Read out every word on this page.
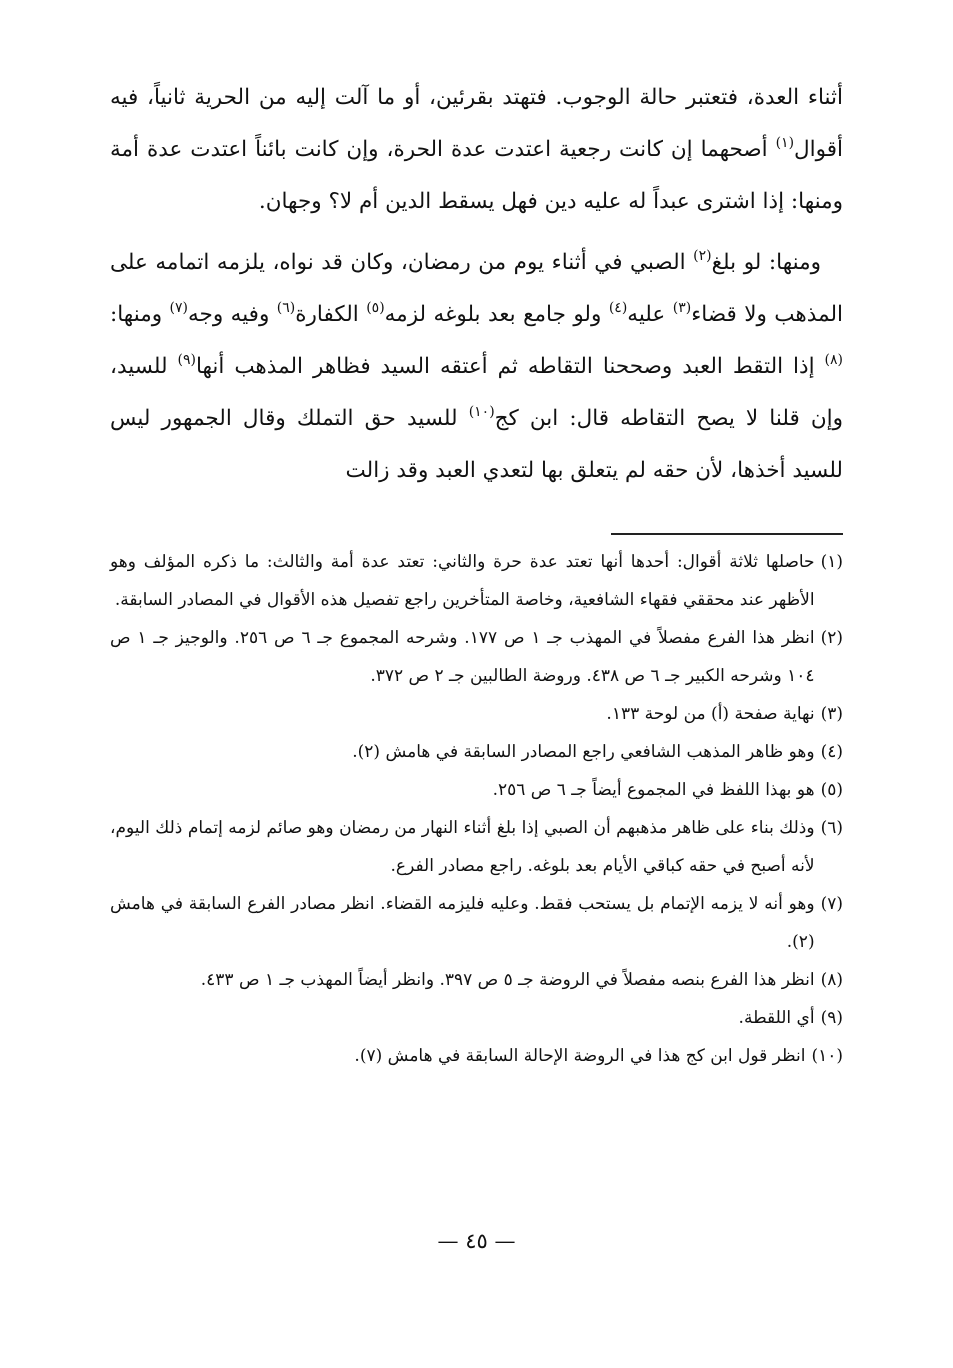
أثناء العدة، فتعتبر حالة الوجوب. فتهتد بقرئين، أو ما آلت إليه من الحرية ثانياً، فيه أقوال$^{(١)}$ أصحهما إن كانت رجعية اعتدت عدة الحرة، وإن كانت بائناً اعتدت عدة أمة ومنها: إذا اشترى عبداً له عليه دين فهل يسقط الدين أم لا؟ وجهان.

ومنها: لو بلغ$^{(٢)}$ الصبي في أثناء يوم من رمضان، وكان قد نواه، يلزمه اتمامه على المذهب ولا قضاء$^{(٣)}$ عليه$^{(٤)}$ ولو جامع بعد بلوغه لزمه$^{(٥)}$ الكفارة$^{(٦)}$ وفيه وجه$^{(٧)}$ ومنها:$^{(٨)}$ إذا التقط العبد وصححنا التقاطه ثم أعتقه السيد فظاهر المذهب أنها$^{(٩)}$ للسيد، وإن قلنا لا يصح التقاطه قال: ابن كج$^{(١٠)}$ للسيد حق التملك وقال الجمهور ليس للسيد أخذها، لأن حقه لم يتعلق بها لتعدي العبد وقد زالت

(١)
حاصلها ثلاثة أقوال: أحدها أنها تعتد عدة حرة والثاني: تعتد عدة أمة والثالث: ما ذكره المؤلف وهو الأظهر عند محققي فقهاء الشافعية، وخاصة المتأخرين راجع تفصيل هذه الأقوال في المصادر السابقة.
(٢)
انظر هذا الفرع مفصلاً في المهذب جـ ١ ص ١٧٧. وشرحه المجموع جـ ٦ ص ٢٥٦. والوجيز جـ ١ ص ١٠٤ وشرحه الكبير جـ ٦ ص ٤٣٨. وروضة الطالبين جـ ٢ ص ٣٧٢.
(٣)
نهاية صفحة (أ) من لوحة ١٣٣.
(٤)
وهو ظاهر المذهب الشافعي راجع المصادر السابقة في هامش (٢).
(٥)
هو بهذا اللفظ في المجموع أيضاً جـ ٦ ص ٢٥٦.
(٦)
وذلك بناء على ظاهر مذهبهم أن الصبي إذا بلغ أثناء النهار من رمضان وهو صائم لزمه إتمام ذلك اليوم، لأنه أصبح في حقه كباقي الأيام بعد بلوغه. راجع مصادر الفرع.
(٧)
وهو أنه لا يزمه الإتمام بل يستحب فقط. وعليه فليزمه القضاء. انظر مصادر الفرع السابقة في هامش (٢).
(٨)
انظر هذا الفرع بنصه مفصلاً في الروضة جـ ٥ ص ٣٩٧. وانظر أيضاً المهذب جـ ١ ص ٤٣٣.
(٩)
أي اللقطة.
(١٠)
انظر قول ابن كج هذا في الروضة الإحالة السابقة في هامش (٧).
— ٤٥ —
